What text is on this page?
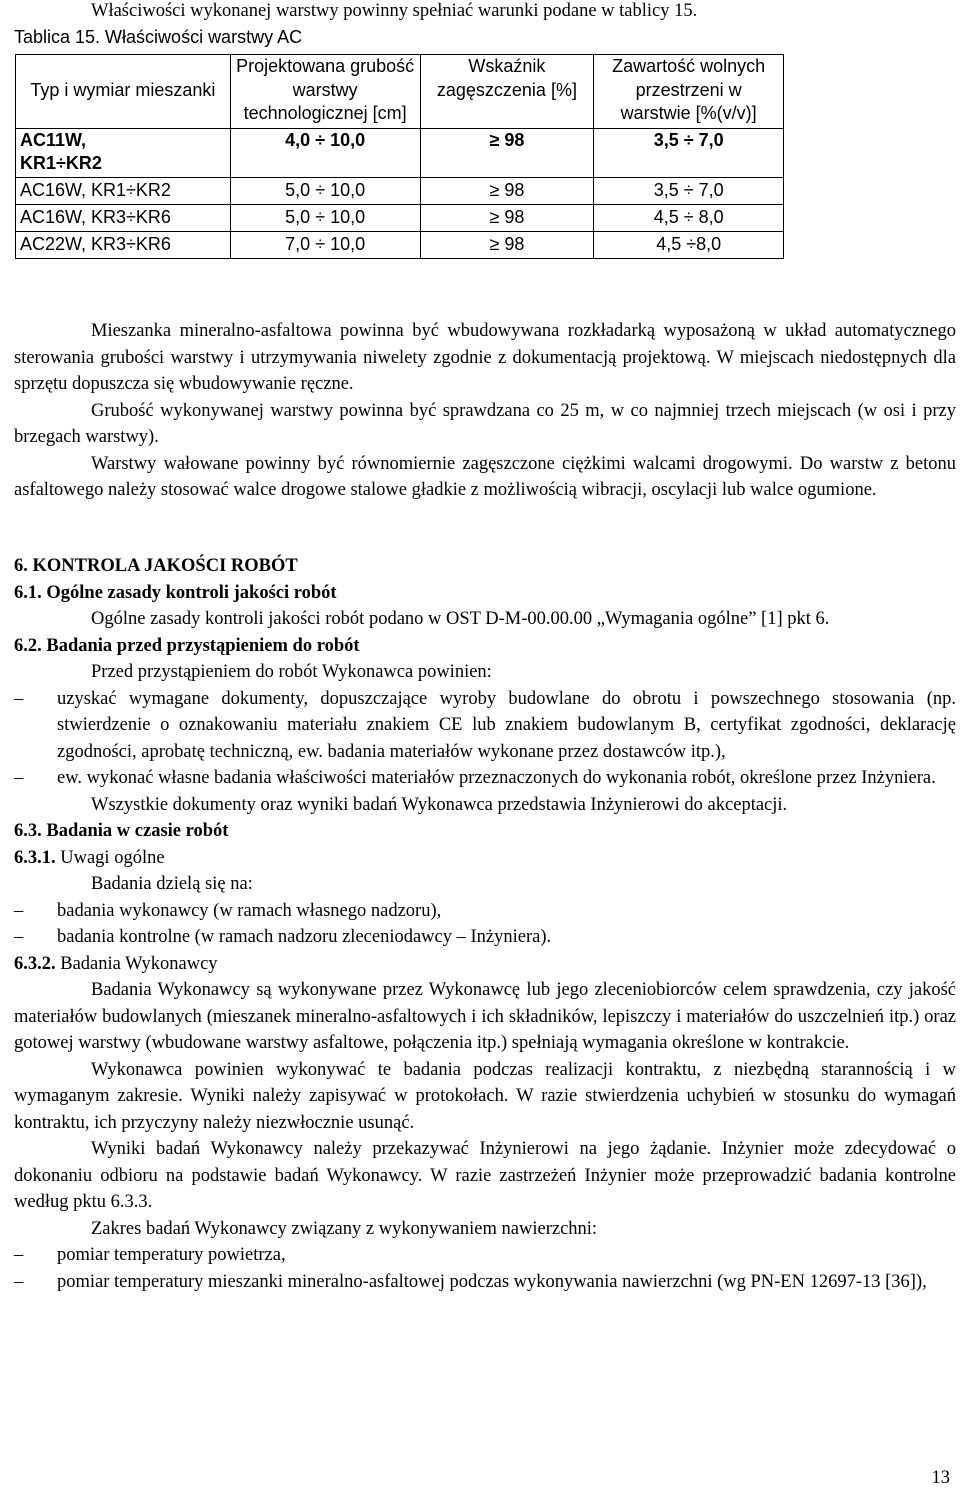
Właściwości wykonanej warstwy powinny spełniać warunki podane w tablicy 15.

Tablica 15. Właściwości warstwy AC

Typ i wymiar mieszanki	Projektowana grubość warstwy technologicznej [cm]	Wskaźnik zagęszczenia [%]	Zawartość wolnych przestrzeni w warstwie [%(v/v)]
AC11W, KR1÷KR2	4,0 ÷ 10,0	≥ 98	3,5 ÷ 7,0
AC16W, KR1÷KR2	5,0 ÷ 10,0	≥ 98	3,5 ÷ 7,0
AC16W, KR3÷KR6	5,0 ÷ 10,0	≥ 98	4,5 ÷ 8,0
AC22W, KR3÷KR6	7,0 ÷ 10,0	≥ 98	4,5 ÷8,0

Mieszanka mineralno-asfaltowa powinna być wbudowywana rozkładarką wyposażoną w układ automatycznego sterowania grubości warstwy i utrzymywania niwelety zgodnie z dokumentacją projektową. W miejscach niedostępnych dla sprzętu dopuszcza się wbudowywanie ręczne.

Grubość wykonywanej warstwy powinna być sprawdzana co 25 m, w co najmniej trzech miejscach (w osi i przy brzegach warstwy).

Warstwy wałowane powinny być równomiernie zagęszczone ciężkimi walcami drogowymi. Do warstw z betonu asfaltowego należy stosować walce drogowe stalowe gładkie z możliwością wibracji, oscylacji lub walce ogumione.

6. KONTROLA JAKOŚCI ROBÓT

6.1. Ogólne zasady kontroli jakości robót

Ogólne zasady kontroli jakości robót podano w OST D-M-00.00.00 „Wymagania ogólne” [1] pkt 6.

6.2. Badania przed przystąpieniem do robót

Przed przystąpieniem do robót Wykonawca powinien:

– uzyskać wymagane dokumenty, dopuszczające wyroby budowlane do obrotu i powszechnego stosowania (np. stwierdzenie o oznakowaniu materiału znakiem CE lub znakiem budowlanym B, certyfikat zgodności, deklarację zgodności, aprobatę techniczną, ew. badania materiałów wykonane przez dostawców itp.),
– ew. wykonać własne badania właściwości materiałów przeznaczonych do wykonania robót, określone przez Inżyniera.

Wszystkie dokumenty oraz wyniki badań Wykonawca przedstawia Inżynierowi do akceptacji.

6.3. Badania w czasie robót

6.3.1. Uwagi ogólne

Badania dzielą się na:

– badania wykonawcy (w ramach własnego nadzoru),
– badania kontrolne (w ramach nadzoru zleceniodawcy – Inżyniera).

6.3.2. Badania Wykonawcy

Badania Wykonawcy są wykonywane przez Wykonawcę lub jego zleceniobiorców celem sprawdzenia, czy jakość materiałów budowlanych (mieszanek mineralno-asfaltowych i ich składników, lepiszczy i materiałów do uszczelnień itp.) oraz gotowej warstwy (wbudowane warstwy asfaltowe, połączenia itp.) spełniają wymagania określone w kontrakcie.

Wykonawca powinien wykonywać te badania podczas realizacji kontraktu, z niezbędną starannością i w wymaganym zakresie. Wyniki należy zapisywać w protokołach. W razie stwierdzenia uchybień w stosunku do wymagań kontraktu, ich przyczyny należy niezwłocznie usunąć.

Wyniki badań Wykonawcy należy przekazywać Inżynierowi na jego żądanie. Inżynier może zdecydować o dokonaniu odbioru na podstawie badań Wykonawcy. W razie zastrzeżeń Inżynier może przeprowadzić badania kontrolne według pktu 6.3.3.

Zakres badań Wykonawcy związany z wykonywaniem nawierzchni:

– pomiar temperatury powietrza,
– pomiar temperatury mieszanki mineralno-asfaltowej podczas wykonywania nawierzchni (wg PN-EN 12697-13 [36]),
13
